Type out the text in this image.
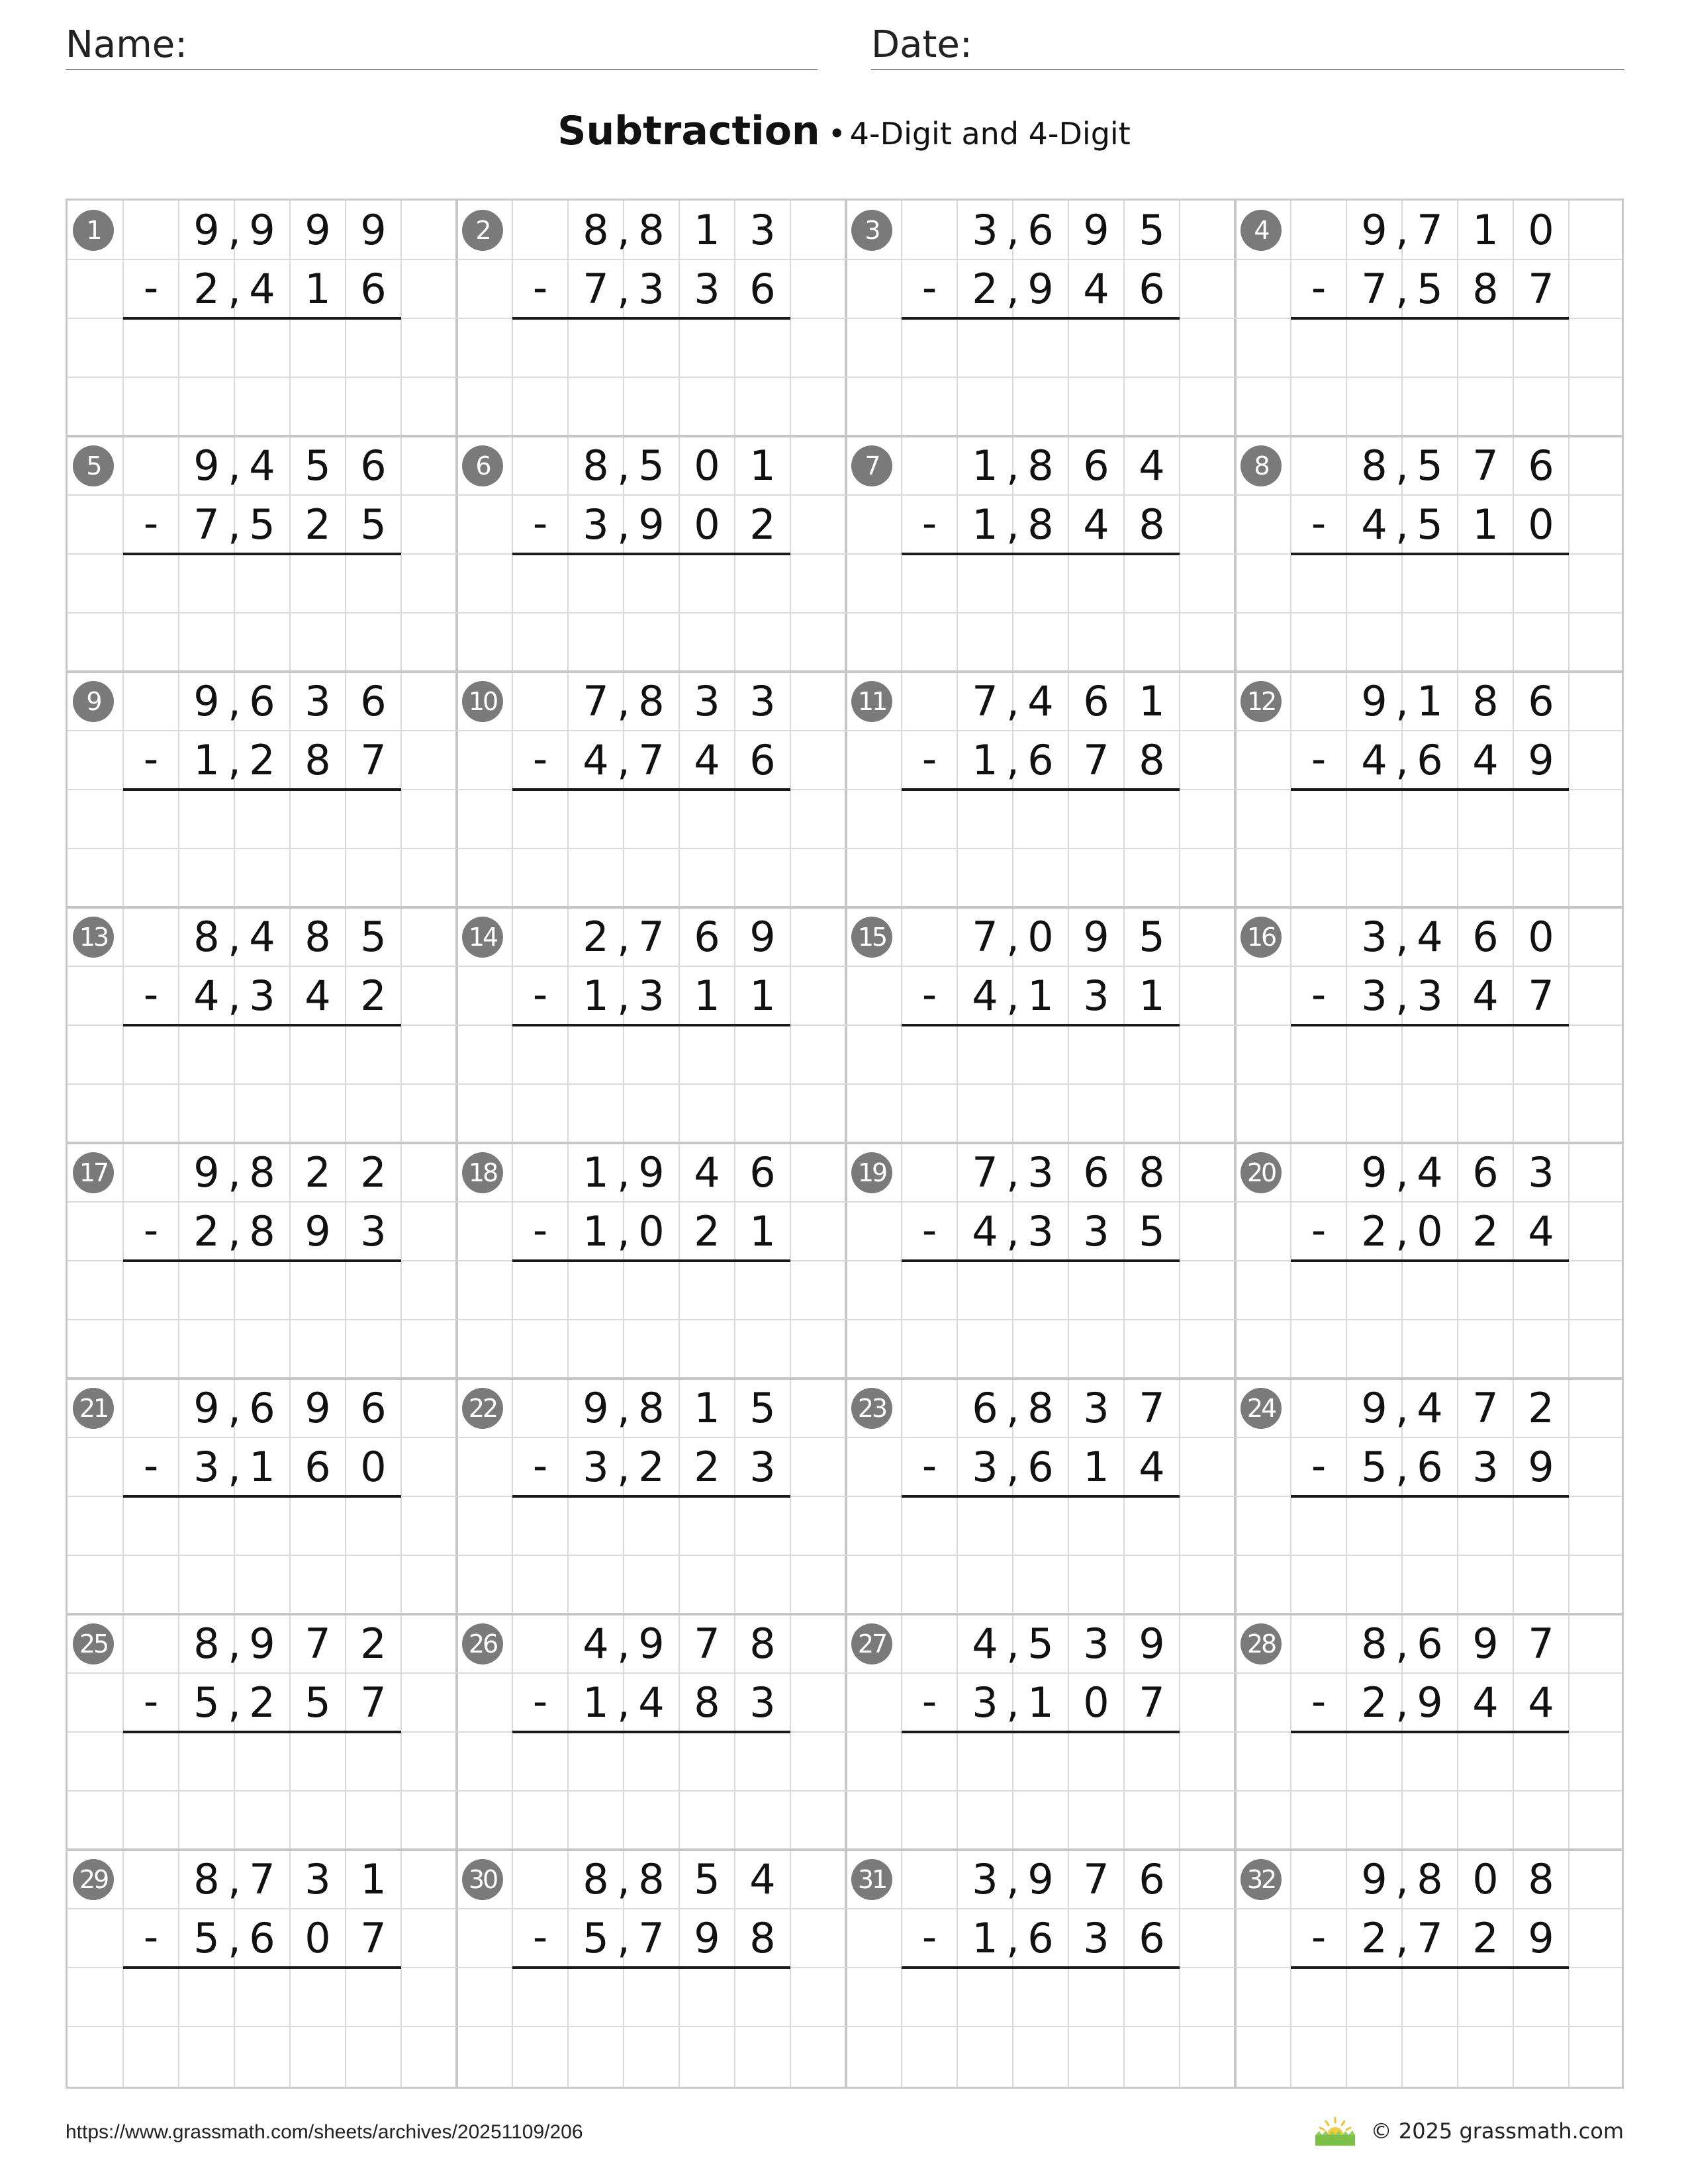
Name:	Date:
Subtraction • 4-Digit and 4-Digit
1	9 9 9 9
2 4 1 6
,
,
-
2	8 8 1 3
7 3 3 6
,
,
-
3	3 6 9 5
2 9 4 6
,
,
-
4	9 7 1 0
7 5 8 7
,
,
-
5	9 4 5 6
7 5 2 5
,
,
-
6	8 5 0 1
3 9 0 2
,
,
-
7	1 8 6 4
1 8 4 8
,
,
-
8	8 5 7 6
4 5 1 0
,
,
-
9	9 6 3 6
1 2 8 7
,
,
-
10	7 8 3 3
4 7 4 6
,
,
-
11	7 4 6 1
1 6 7 8
,
,
-
12	9 1 8 6
4 6 4 9
,
,
-
13	8 4 8 5
4 3 4 2
,
,
-
14	2 7 6 9
1 3 1 1
,
,
-
15	7 0 9 5
4 1 3 1
,
,
-
16	3 4 6 0
3 3 4 7
,
,
-
17	9 8 2 2
2 8 9 3
,
,
-
18	1 9 4 6
1 0 2 1
,
,
-
19	7 3 6 8
4 3 3 5
,
,
-
20	9 4 6 3
2 0 2 4
,
,
-
21	9 6 9 6
3 1 6 0
,
,
-
22	9 8 1 5
3 2 2 3
,
,
-
23	6 8 3 7
3 6 1 4
,
,
-
24	9 4 7 2
5 6 3 9
,
,
-
25	8 9 7 2
5 2 5 7
,
,
-
26	4 9 7 8
1 4 8 3
,
,
-
27	4 5 3 9
3 1 0 7
,
,
-
28	8 6 9 7
2 9 4 4
,
,
-
29	8 7 3 1
5 6 0 7
,
,
-
30	8 8 5 4
5 7 9 8
,
,
-
31	3 9 7 6
1 6 3 6
,
,
-
32	9 8 0 8
2 7 2 9
,
,
-
https://www.grassmath.com/sheets/archives/20251109/206	© 2025 grassmath.com
